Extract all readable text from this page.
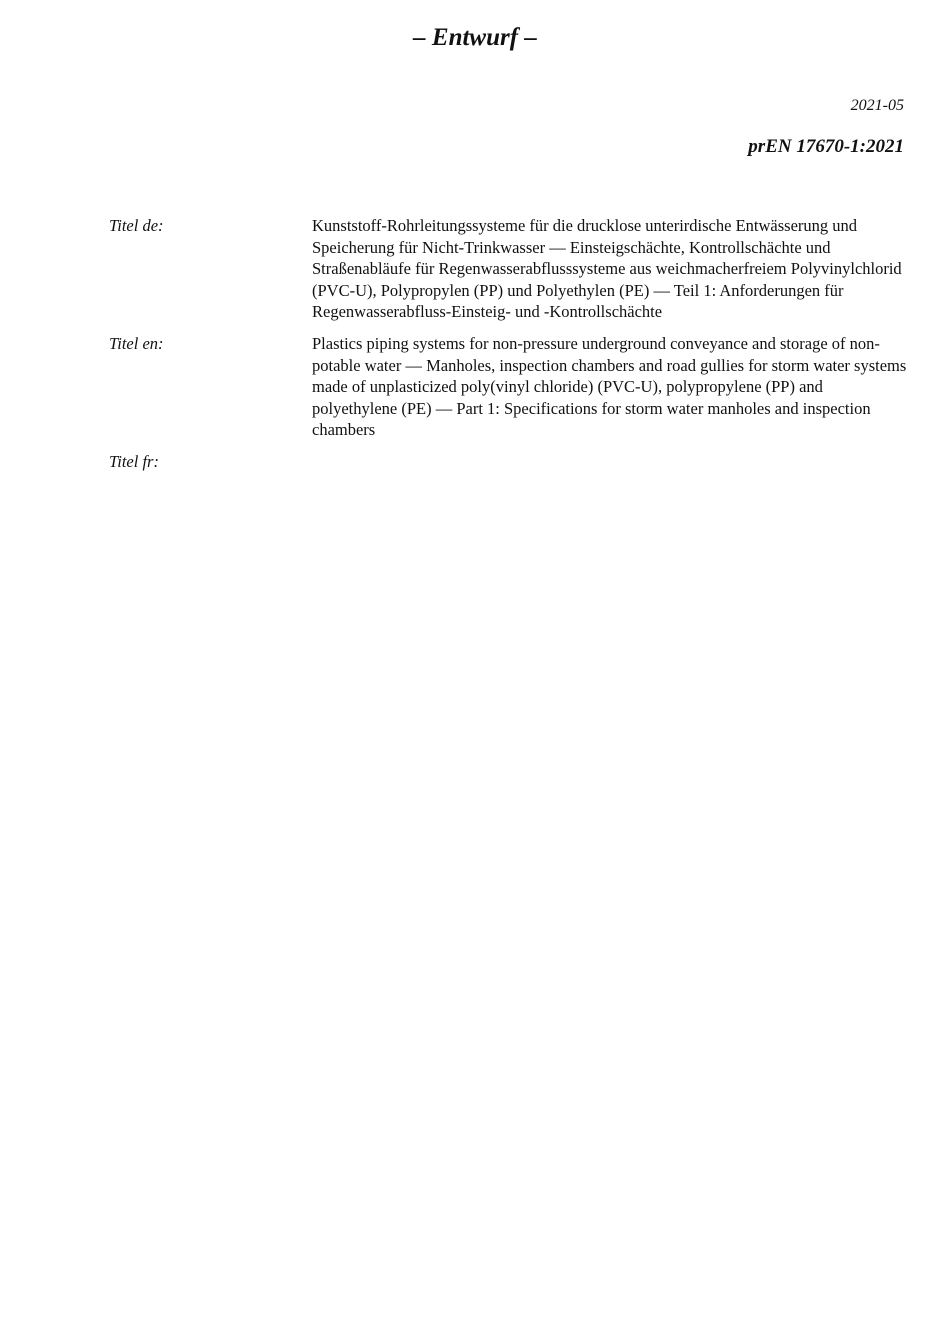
– Entwurf –
2021-05
prEN 17670-1:2021
Titel de:	Kunststoff-Rohrleitungssysteme für die drucklose unterirdische Entwässerung und Speicherung für Nicht-Trinkwasser — Einsteigschächte, Kontrollschächte und Straßenabläufe für Regenwasserabflusssysteme aus weichmacherfreiem Polyvinylchlorid (PVC-U), Polypropylen (PP) und Polyethylen (PE) — Teil 1: Anforderungen für Regenwasserabfluss-Einsteig- und -Kontrollschächte
Titel en:	Plastics piping systems for non-pressure underground conveyance and storage of non-potable water — Manholes, inspection chambers and road gullies for storm water systems made of unplasticized poly(vinyl chloride) (PVC-U), polypropylene (PP) and polyethylene (PE) — Part 1: Specifications for storm water manholes and inspection chambers
Titel fr:
